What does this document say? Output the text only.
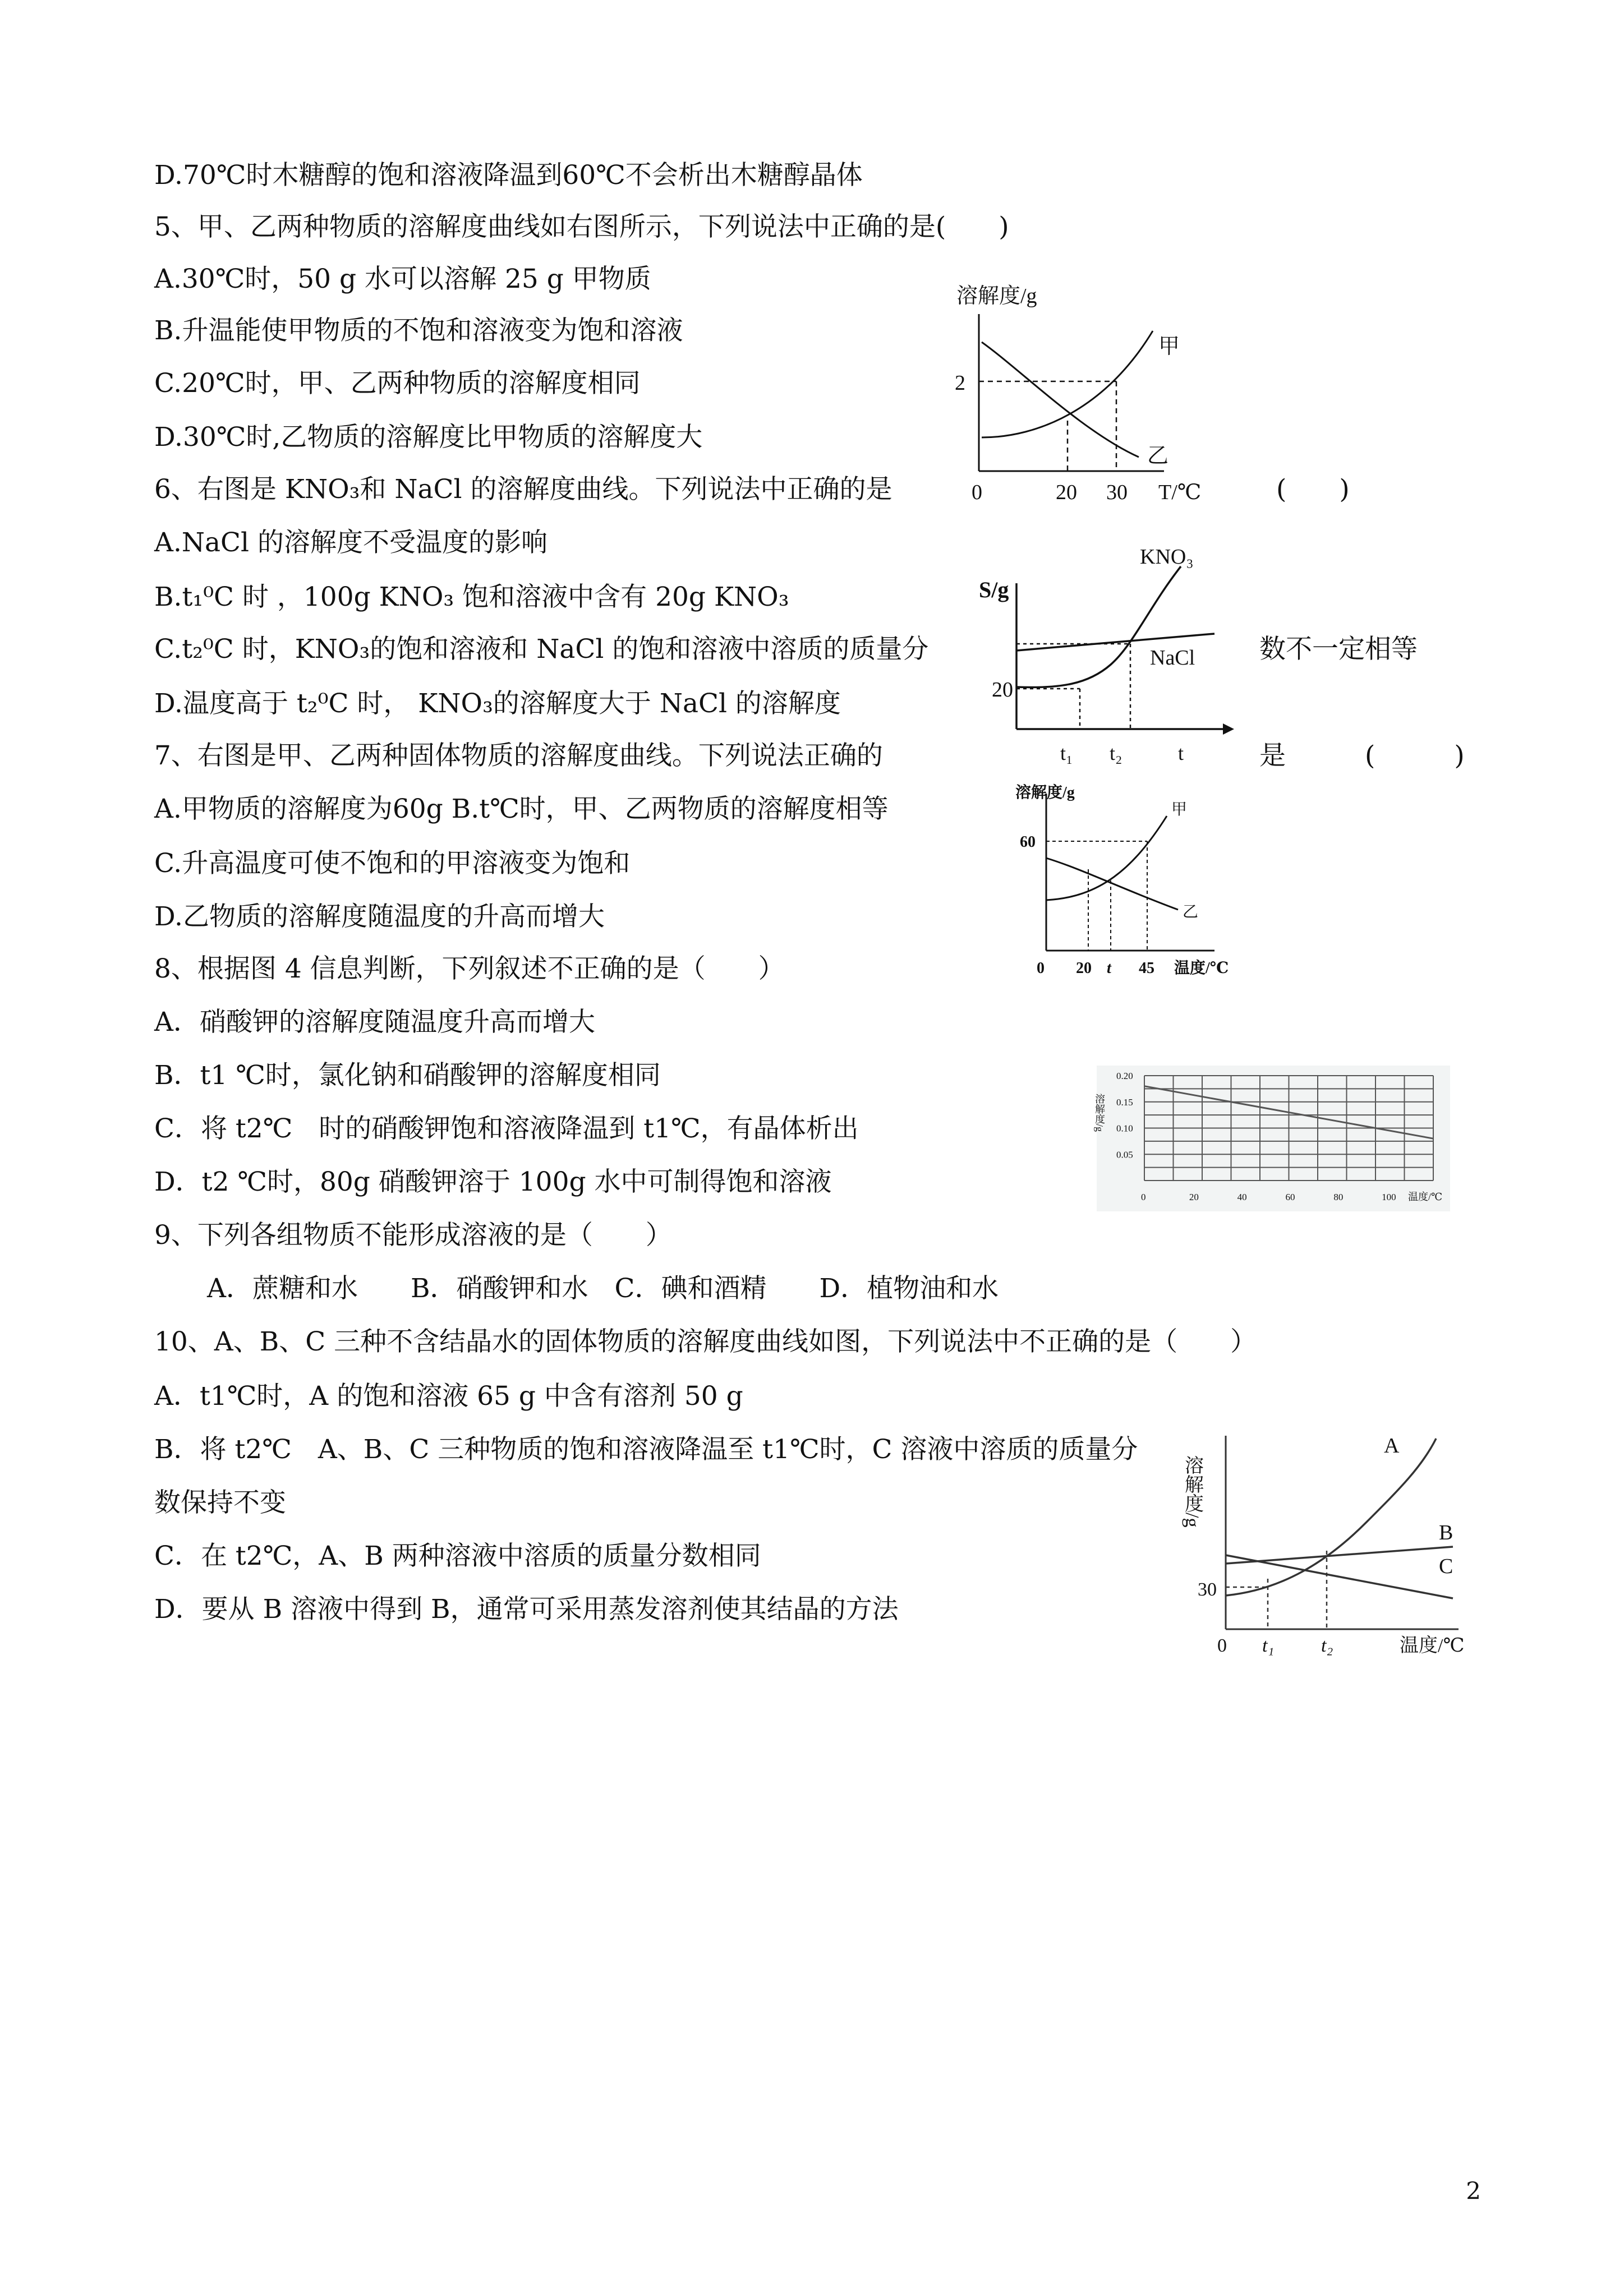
D.70℃时木糖醇的饱和溶液降温到60℃不会析出木糖醇晶体
5、甲、乙两种物质的溶解度曲线如右图所示，下列说法中正确的是(　　)
A.30℃时，50 g 水可以溶解 25 g 甲物质
B.升温能使甲物质的不饱和溶液变为饱和溶液
C.20℃时，甲、乙两种物质的溶解度相同
D.30℃时,乙物质的溶解度比甲物质的溶解度大
6、右图是 KNO₃和 NaCl 的溶解度曲线。下列说法中正确的是	(　　)
A.NaCl 的溶解度不受温度的影响
B.t₁⁰C 时 ，100g KNO₃ 饱和溶液中含有 20g KNO₃
C.t₂⁰C 时，KNO₃的饱和溶液和 NaCl 的饱和溶液中溶质的质量分	数不一定相等
D.温度高于 t₂⁰C 时， KNO₃的溶解度大于 NaCl 的溶解度
7、右图是甲、乙两种固体物质的溶解度曲线。下列说法正确的	是　　　(　　　)
A.甲物质的溶解度为60g B.t℃时，甲、乙两物质的溶解度相等
C.升高温度可使不饱和的甲溶液变为饱和
D.乙物质的溶解度随温度的升高而增大
8、根据图 4 信息判断，下列叙述不正确的是（　　）
A．硝酸钾的溶解度随温度升高而增大
B．t1 ℃时，氯化钠和硝酸钾的溶解度相同
C．将 t2℃　时的硝酸钾饱和溶液降温到 t1℃，有晶体析出
D．t2 ℃时，80g 硝酸钾溶于 100g 水中可制得饱和溶液
9、下列各组物质不能形成溶液的是（　　）
　　A．蔗糖和水　　B．硝酸钾和水　C．碘和酒精　　D．植物油和水
10、A、B、C 三种不含结晶水的固体物质的溶解度曲线如图，下列说法中不正确的是（　　）
A．t1℃时，A 的饱和溶液 65 g 中含有溶剂 50 g
B．将 t2℃　A、B、C 三种物质的饱和溶液降温至 t1℃时，C 溶液中溶质的质量分
数保持不变
C．在 t2℃，A、B 两种溶液中溶质的质量分数相同
D．要从 B 溶液中得到 B，通常可采用蒸发溶剂使其结晶的方法
溶解度/g
2
甲
乙
0	20 30 T/℃
S/g
KNO₃
NaCl
20
t₁ t₂	t
溶解度/g
60
甲
乙
0 20 t 45 温度/℃
溶解度/g
0.20
0.15
0.10
0.05
0	20	40	60	80	100 温度/℃
溶解度/g
30
A
B
C
0 t₁ t₂	温度/℃
2
